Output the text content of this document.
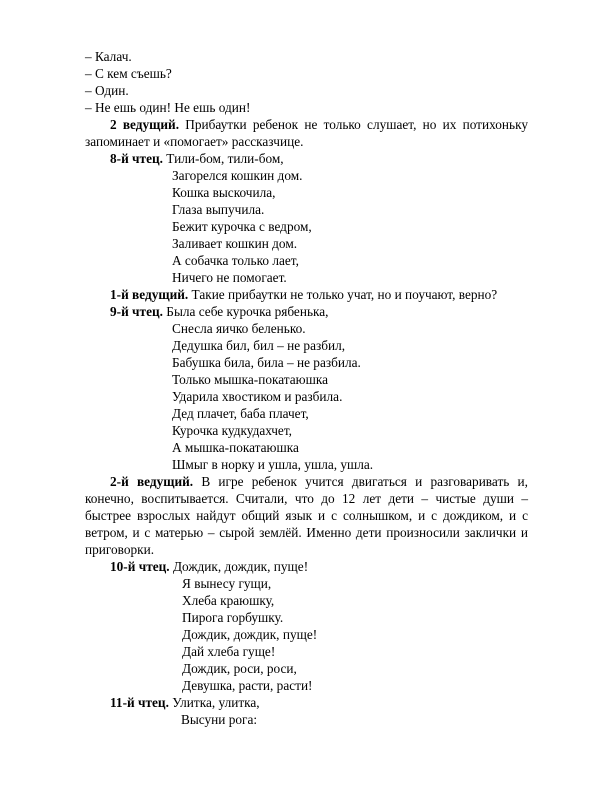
– Калач.
– С кем съешь?
– Один.
– Не ешь один! Не ешь один!

2 ведущий. Прибаутки ребенок не только слушает, но их потихоньку запоминает и «помогает» рассказчице.

8-й чтец. Тили-бом, тили-бом,
Загорелся кошкин дом.
Кошка выскочила,
Глаза выпучила.
Бежит курочка с ведром,
Заливает кошкин дом.
А собачка только лает,
Ничего не помогает.
1-й ведущий. Такие прибаутки не только учат, но и поучают, верно?
9-й чтец. Была себе курочка рябенька,
Снесла яичко беленько.
Дедушка бил, бил – не разбил,
Бабушка била, била – не разбила.
Только мышка-покатаюшка
Ударила хвостиком и разбила.
Дед плачет, баба плачет,
Курочка кудкудахчет,
А мышка-покатаюшка
Шмыг в норку и ушла, ушла, ушла.

2-й ведущий. В игре ребенок учится двигаться и разговаривать и, конечно, воспитывается. Считали, что до 12 лет дети – чистые души – быстрее взрослых найдут общий язык и с солнышком, и с дождиком, и с ветром, и с матерью – сырой землёй. Именно дети произносили заклички и приговорки.

10-й чтец. Дождик, дождик, пуще!
Я вынесу гущи,
Хлеба краюшку,
Пирога горбушку.
Дождик, дождик, пуще!
Дай хлеба гуще!
Дождик, роси, роси,
Девушка, расти, расти!
11-й чтец. Улитка, улитка,
Высуни рога:
